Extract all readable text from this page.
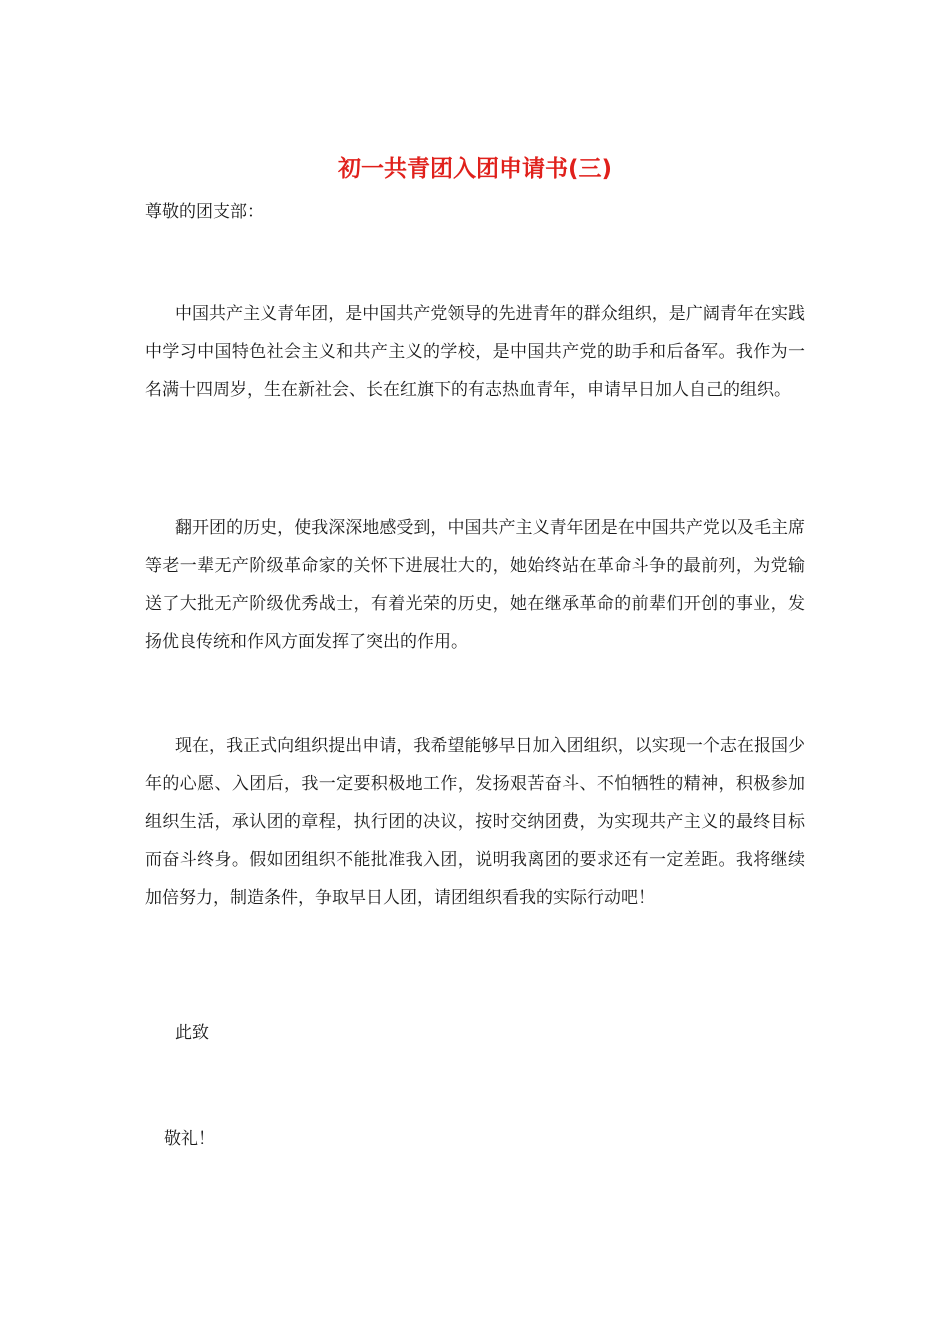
初一共青团入团申请书(三)
尊敬的团支部：

中国共产主义青年团，是中国共产党领导的先进青年的群众组织，是广阔青年在实践中学习中国特色社会主义和共产主义的学校，是中国共产党的助手和后备军。我作为一名满十四周岁，生在新社会、长在红旗下的有志热血青年，申请早日加人自己的组织。

翻开团的历史，使我深深地感受到，中国共产主义青年团是在中国共产党以及毛主席等老一辈无产阶级革命家的关怀下进展壮大的，她始终站在革命斗争的最前列，为党输送了大批无产阶级优秀战士，有着光荣的历史，她在继承革命的前辈们开创的事业，发扬优良传统和作风方面发挥了突出的作用。

现在，我正式向组织提出申请，我希望能够早日加入团组织，以实现一个志在报国少年的心愿、入团后，我一定要积极地工作，发扬艰苦奋斗、不怕牺牲的精神，积极参加组织生活，承认团的章程，执行团的决议，按时交纳团费，为实现共产主义的最终目标而奋斗终身。假如团组织不能批准我入团，说明我离团的要求还有一定差距。我将继续加倍努力，制造条件，争取早日人团，请团组织看我的实际行动吧！

此致
敬礼！
